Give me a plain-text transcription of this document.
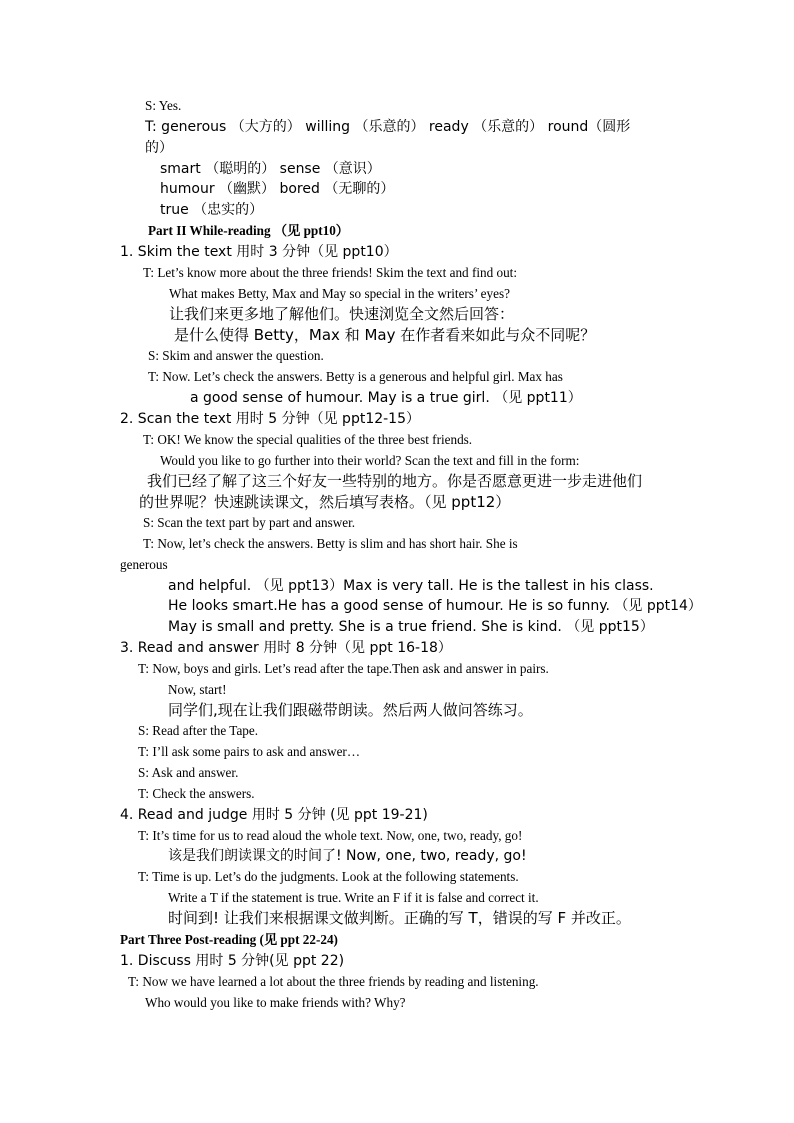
S: Yes.
T: generous （大方的） willing （乐意的） ready （乐意的） round（圆形
的）
smart （聪明的） sense （意识）
humour （幽默） bored （无聊的）
true （忠实的）
Part II While-reading （见 ppt10）
1. Skim the text 用时 3 分钟（见 ppt10）
T: Let’s know more about the three friends! Skim the text and find out:
What makes Betty, Max and May so special in the writers’ eyes?
让我们来更多地了解他们。快速浏览全文然后回答：
是什么使得 Betty，Max 和 May 在作者看来如此与众不同呢？
S: Skim and answer the question.
T: Now. Let’s check the answers. Betty is a generous and helpful girl. Max has
a good sense of humour. May is a true girl. （见 ppt11）
2. Scan the text 用时 5 分钟（见 ppt12-15）
T: OK! We know the special qualities of the three best friends.
Would you like to go further into their world? Scan the text and fill in the form:
我们已经了解了这三个好友一些特别的地方。你是否愿意更进一步走进他们
的世界呢？快速跳读课文，然后填写表格。（见 ppt12）
S: Scan the text part by part and answer.
T: Now, let’s check the answers. Betty is slim and has short hair. She is
generous
and helpful. （见 ppt13）Max is very tall. He is the tallest in his class.
He looks smart.He has a good sense of humour. He is so funny. （见 ppt14）
May is small and pretty. She is a true friend. She is kind. （见 ppt15）
3. Read and answer 用时 8 分钟（见 ppt 16-18）
T: Now, boys and girls. Let’s read after the tape.Then ask and answer in pairs.
Now, start!
同学们,现在让我们跟磁带朗读。然后两人做问答练习。
S: Read after the Tape.
T: I’ll ask some pairs to ask and answer…
S: Ask and answer.
T: Check the answers.
4. Read and judge 用时 5 分钟 (见 ppt 19-21)
T: It’s time for us to read aloud the whole text. Now, one, two, ready, go!
该是我们朗读课文的时间了! Now, one, two, ready, go!
T: Time is up. Let’s do the judgments. Look at the following statements.
Write a T if the statement is true. Write an F if it is false and correct it.
时间到! 让我们来根据课文做判断。正确的写 T，错误的写 F 并改正。
Part Three Post-reading (见 ppt 22-24)
1. Discuss 用时 5 分钟(见 ppt 22)
T: Now we have learned a lot about the three friends by reading and listening.
Who would you like to make friends with? Why?
